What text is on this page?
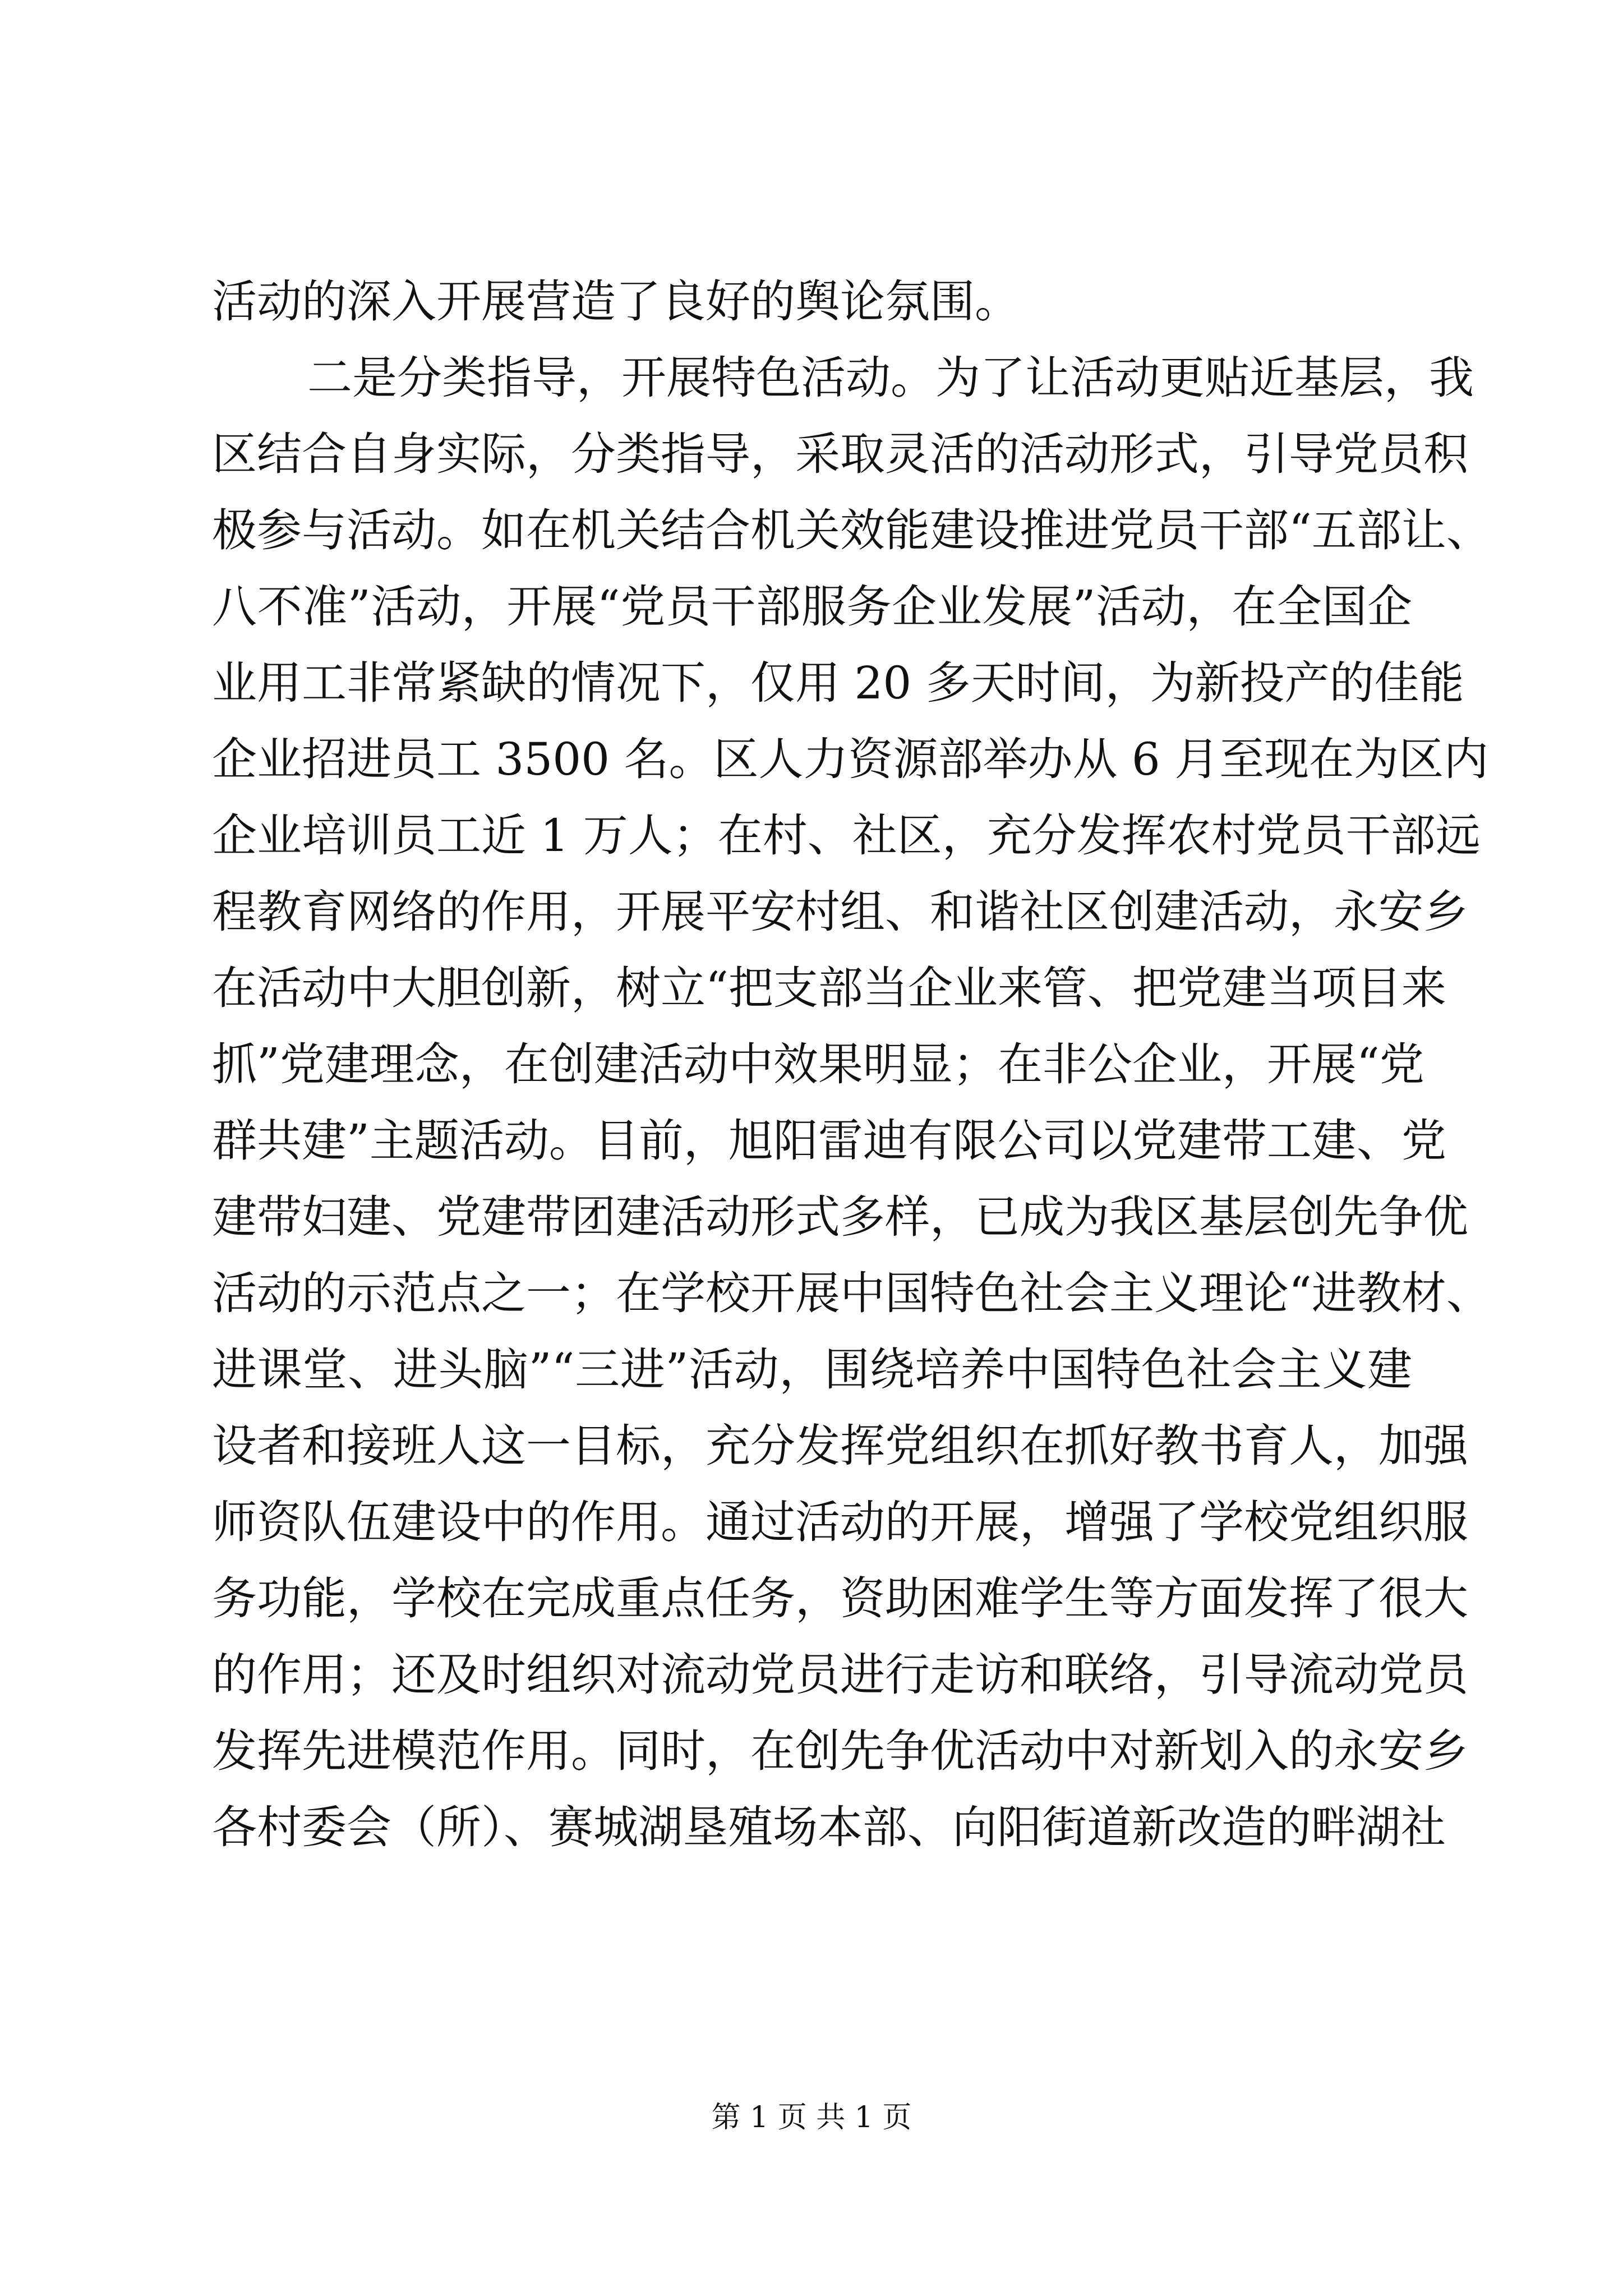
活动的深入开展营造了良好的舆论氛围。
二是分类指导，开展特色活动。为了让活动更贴近基层，我
区结合自身实际，分类指导，采取灵活的活动形式，引导党员积
极参与活动。如在机关结合机关效能建设推进党员干部“五部让、
八不准”活动，开展“党员干部服务企业发展”活动，在全国企
业用工非常紧缺的情况下，仅用 20 多天时间，为新投产的佳能
企业招进员工 3500 名。区人力资源部举办从 6 月至现在为区内
企业培训员工近 1 万人；在村、社区，充分发挥农村党员干部远
程教育网络的作用，开展平安村组、和谐社区创建活动，永安乡
在活动中大胆创新，树立“把支部当企业来管、把党建当项目来
抓”党建理念，在创建活动中效果明显；在非公企业，开展“党
群共建”主题活动。目前，旭阳雷迪有限公司以党建带工建、党
建带妇建、党建带团建活动形式多样，已成为我区基层创先争优
活动的示范点之一；在学校开展中国特色社会主义理论“进教材、
进课堂、进头脑”“三进”活动，围绕培养中国特色社会主义建
设者和接班人这一目标，充分发挥党组织在抓好教书育人，加强
师资队伍建设中的作用。通过活动的开展，增强了学校党组织服
务功能，学校在完成重点任务，资助困难学生等方面发挥了很大
的作用；还及时组织对流动党员进行走访和联络，引导流动党员
发挥先进模范作用。同时，在创先争优活动中对新划入的永安乡
各村委会（所）、赛城湖垦殖场本部、向阳街道新改造的畔湖社
第 1 页 共 1 页
